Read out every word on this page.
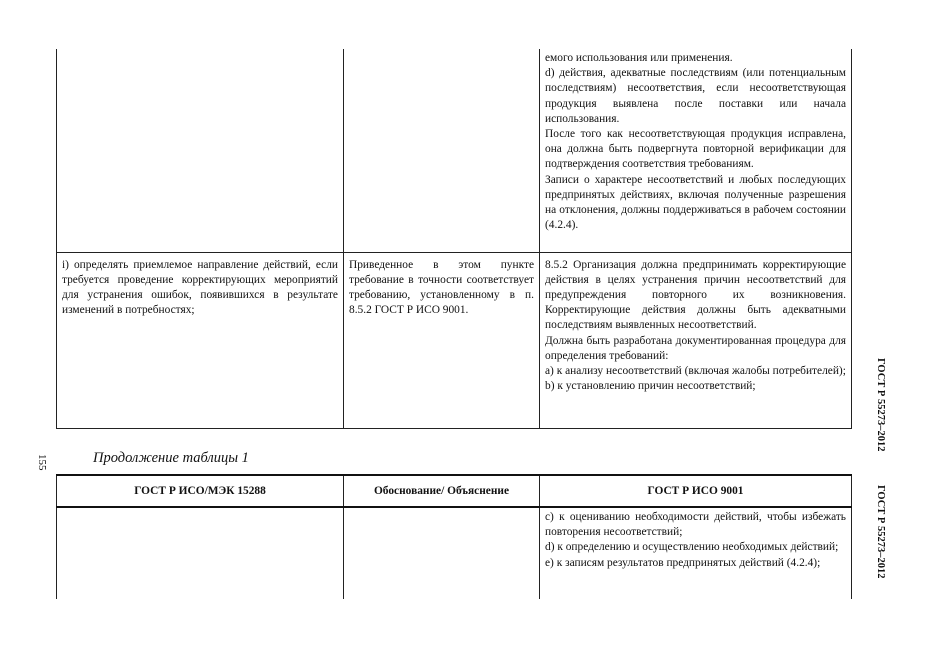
		емого использования или применения.
d) действия, адекватные последствиям (или потенциальным последствиям) несоответствия, если несоответствующая продукция выявлена после поставки или начала использования.
После того как несоответствующая продукция исправлена, она должна быть подвергнута повторной верификации для подтверждения соответствия требованиям.
Записи о характере несоответствий и любых последующих предпринятых действиях, включая полученные разрешения на отклонения, должны поддерживаться в рабочем состоянии (4.2.4).

i) определять приемлемое направление действий, если требуется проведение корректирующих мероприятий для устранения ошибок, появившихся в результате изменений в потребностях;	Приведенное в этом пункте требование в точности соответствует требованию, установленному в п. 8.5.2 ГОСТ Р ИСО 9001.	8.5.2 Организация должна предпринимать корректирующие действия в целях устранения причин несоответствий для предупреждения повторного их возникновения. Корректирующие действия должны быть адекватными последствиям выявленных несоответствий.
Должна быть разработана документированная процедура для определения требований:
a) к анализу несоответствий (включая жалобы потребителей);
b) к установлению причин несоответствий;
155	Продолжение таблицы 1
ГОСТ Р ИСО/МЭК 15288	Обоснование/ Объяснение	ГОСТ Р ИСО 9001

		c) к оцениванию необходимости действий, чтобы избежать повторения несоответствий;
d) к определению и осуществлению необходимых действий;
e) к записям результатов предпринятых действий (4.2.4);
ГОСТ Р 55273–2012
ГОСТ Р 55273–2012
